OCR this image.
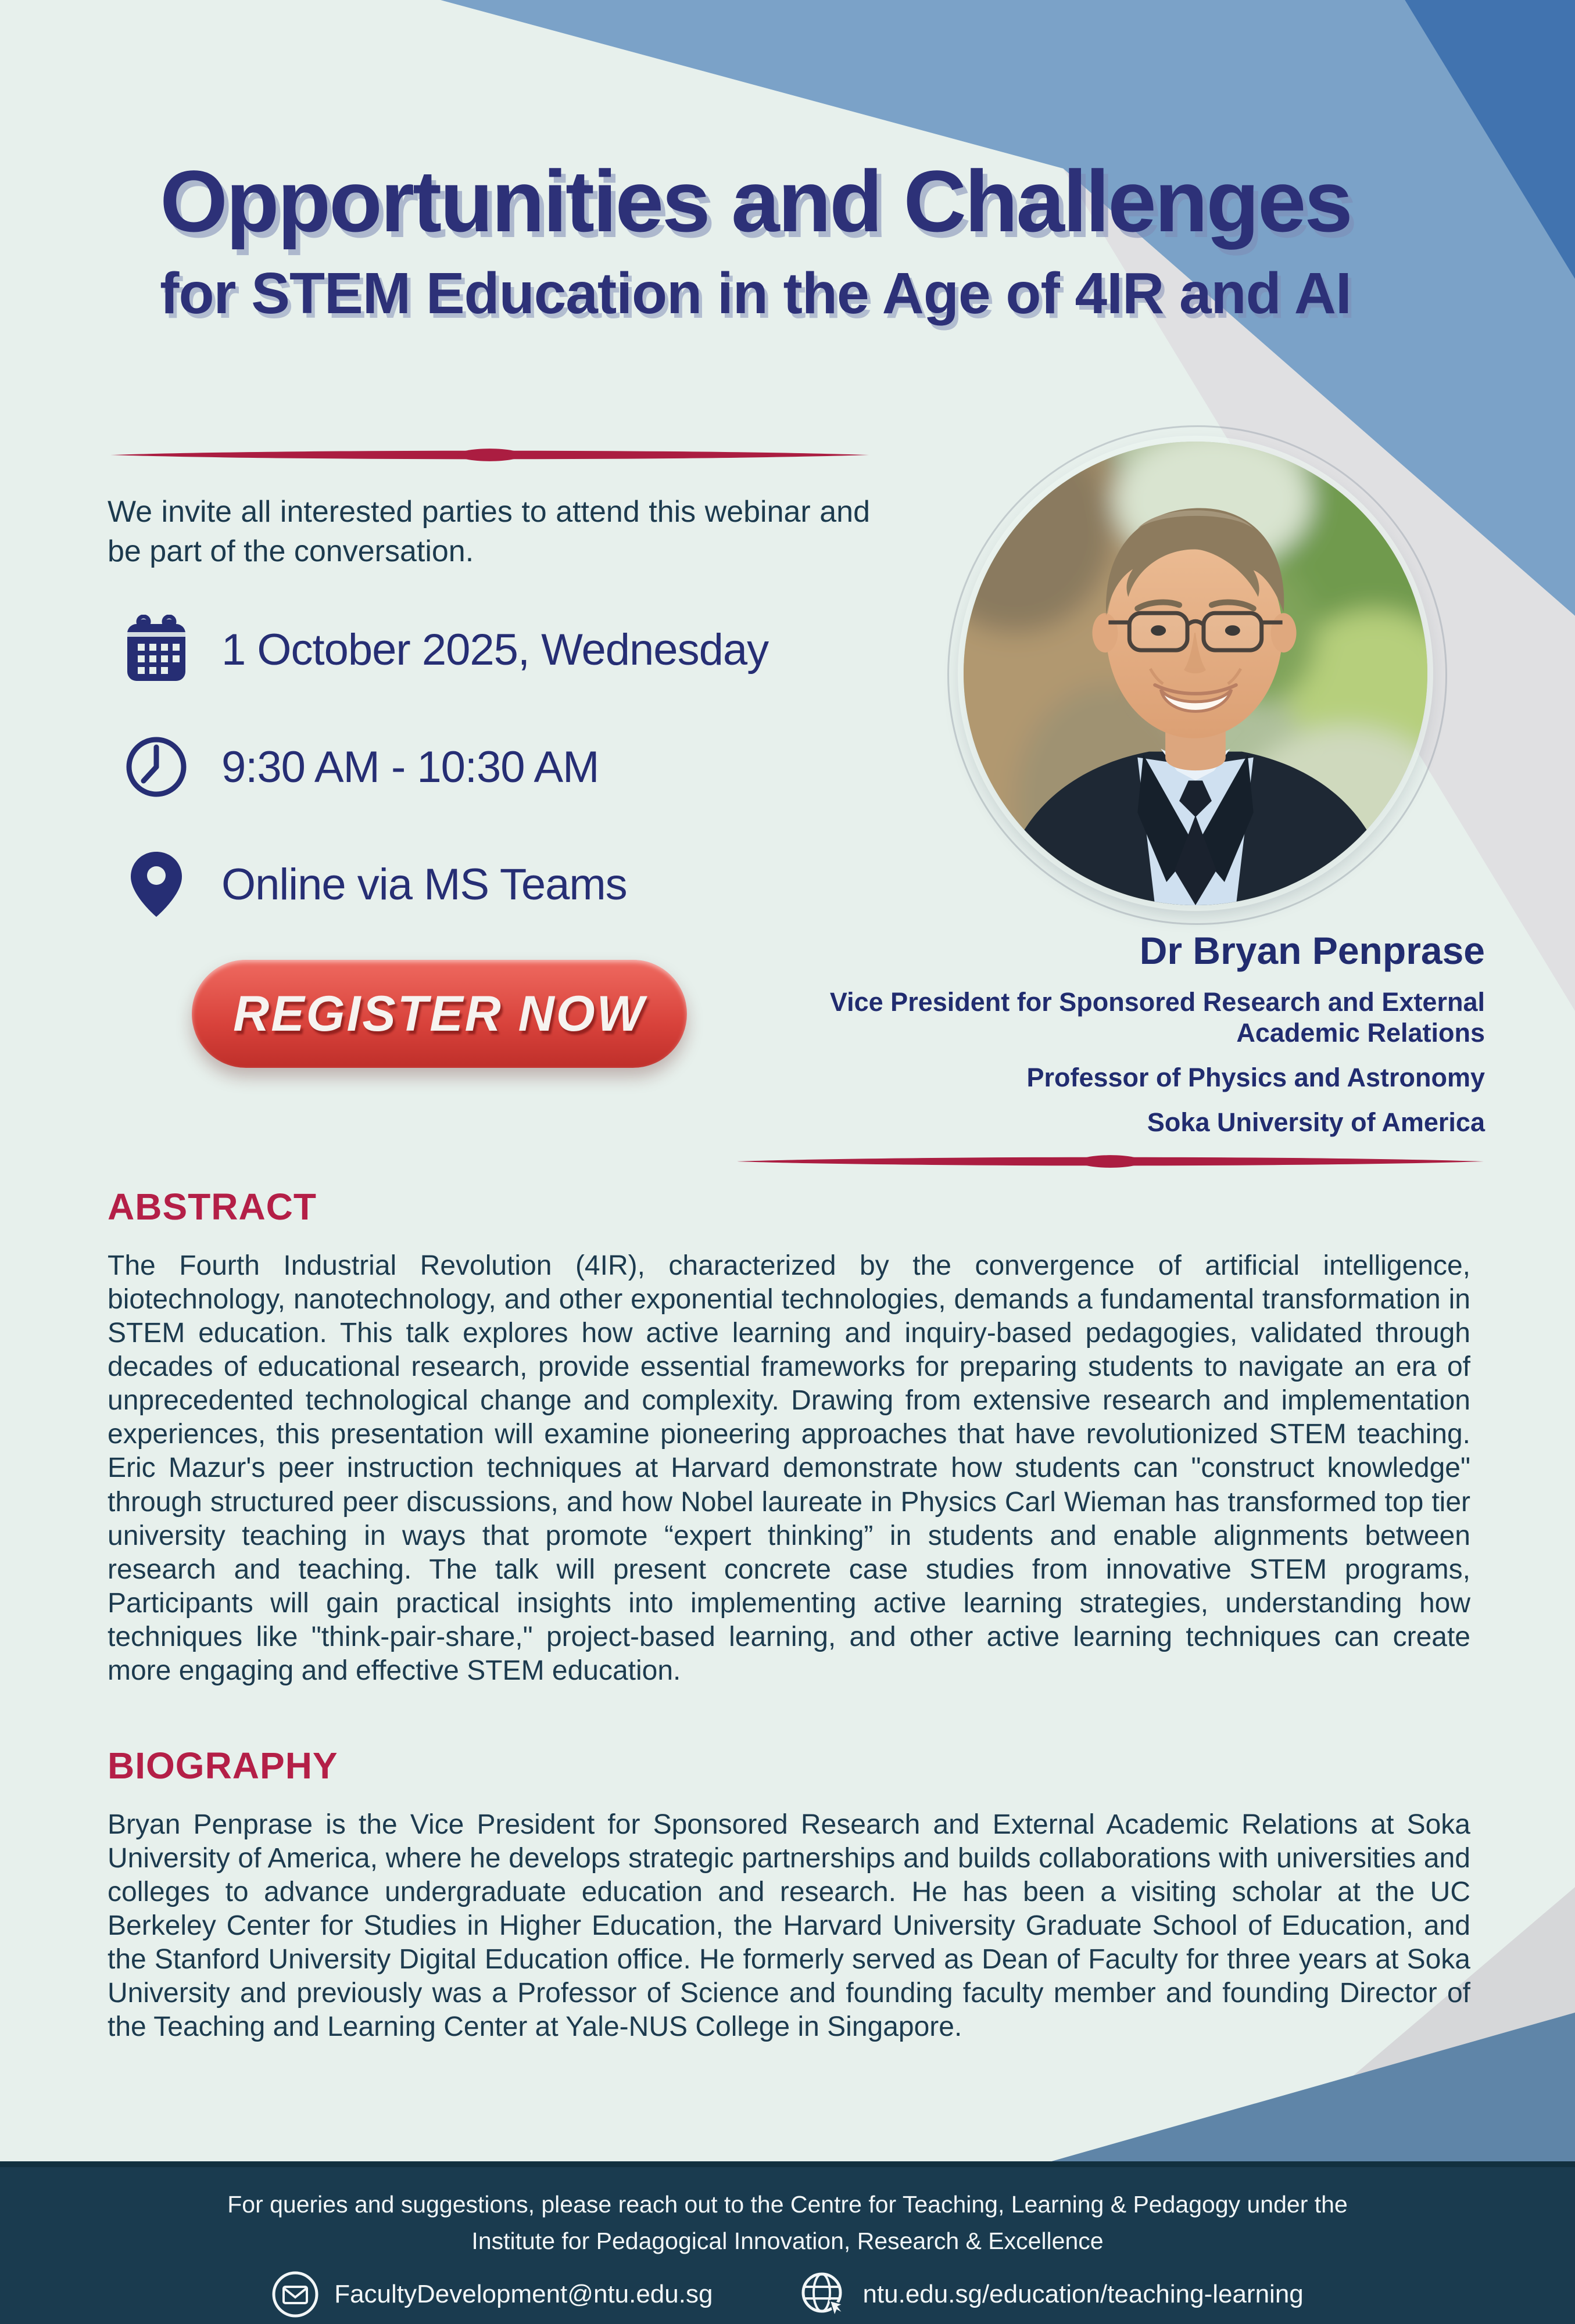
Opportunities and Challenges
for STEM Education in the Age of 4IR and AI
We invite all interested parties to attend this webinar and be part of the conversation.
1 October 2025, Wednesday
9:30 AM - 10:30 AM
Online via MS Teams
REGISTER NOW
Dr Bryan Penprase
Vice President for Sponsored Research and External Academic Relations
Professor of Physics and Astronomy
Soka University of America
ABSTRACT

The Fourth Industrial Revolution (4IR), characterized by the convergence of artificial intelligence, biotechnology, nanotechnology, and other exponential technologies, demands a fundamental transformation in STEM education. This talk explores how active learning and inquiry-based pedagogies, validated through decades of educational research, provide essential frameworks for preparing students to navigate an era of unprecedented technological change and complexity. Drawing from extensive research and implementation experiences, this presentation will examine pioneering approaches that have revolutionized STEM teaching. Eric Mazur's peer instruction techniques at Harvard demonstrate how students can "construct knowledge" through structured peer discussions, and how Nobel laureate in Physics Carl Wieman has transformed top tier university teaching in ways that promote “expert thinking” in students and enable alignments between research and teaching. The talk will present concrete case studies from innovative STEM programs, Participants will gain practical insights into implementing active learning strategies, understanding how techniques like "think-pair-share," project-based learning, and other active learning techniques can create more engaging and effective STEM education.

BIOGRAPHY

Bryan Penprase is the Vice President for Sponsored Research and External Academic Relations at Soka University of America, where he develops strategic partnerships and builds collaborations with universities and colleges to advance undergraduate education and research. He has been a visiting scholar at the UC Berkeley Center for Studies in Higher Education, the Harvard University Graduate School of Education, and the Stanford University Digital Education office. He formerly served as Dean of Faculty for three years at Soka University and previously was a Professor of Science and founding faculty member and founding Director of the Teaching and Learning Center at Yale-NUS College in Singapore.

For queries and suggestions, please reach out to the Centre for Teaching, Learning & Pedagogy under the
Institute for Pedagogical Innovation, Research & Excellence
FacultyDevelopment@ntu.edu.sg	ntu.edu.sg/education/teaching-learning
